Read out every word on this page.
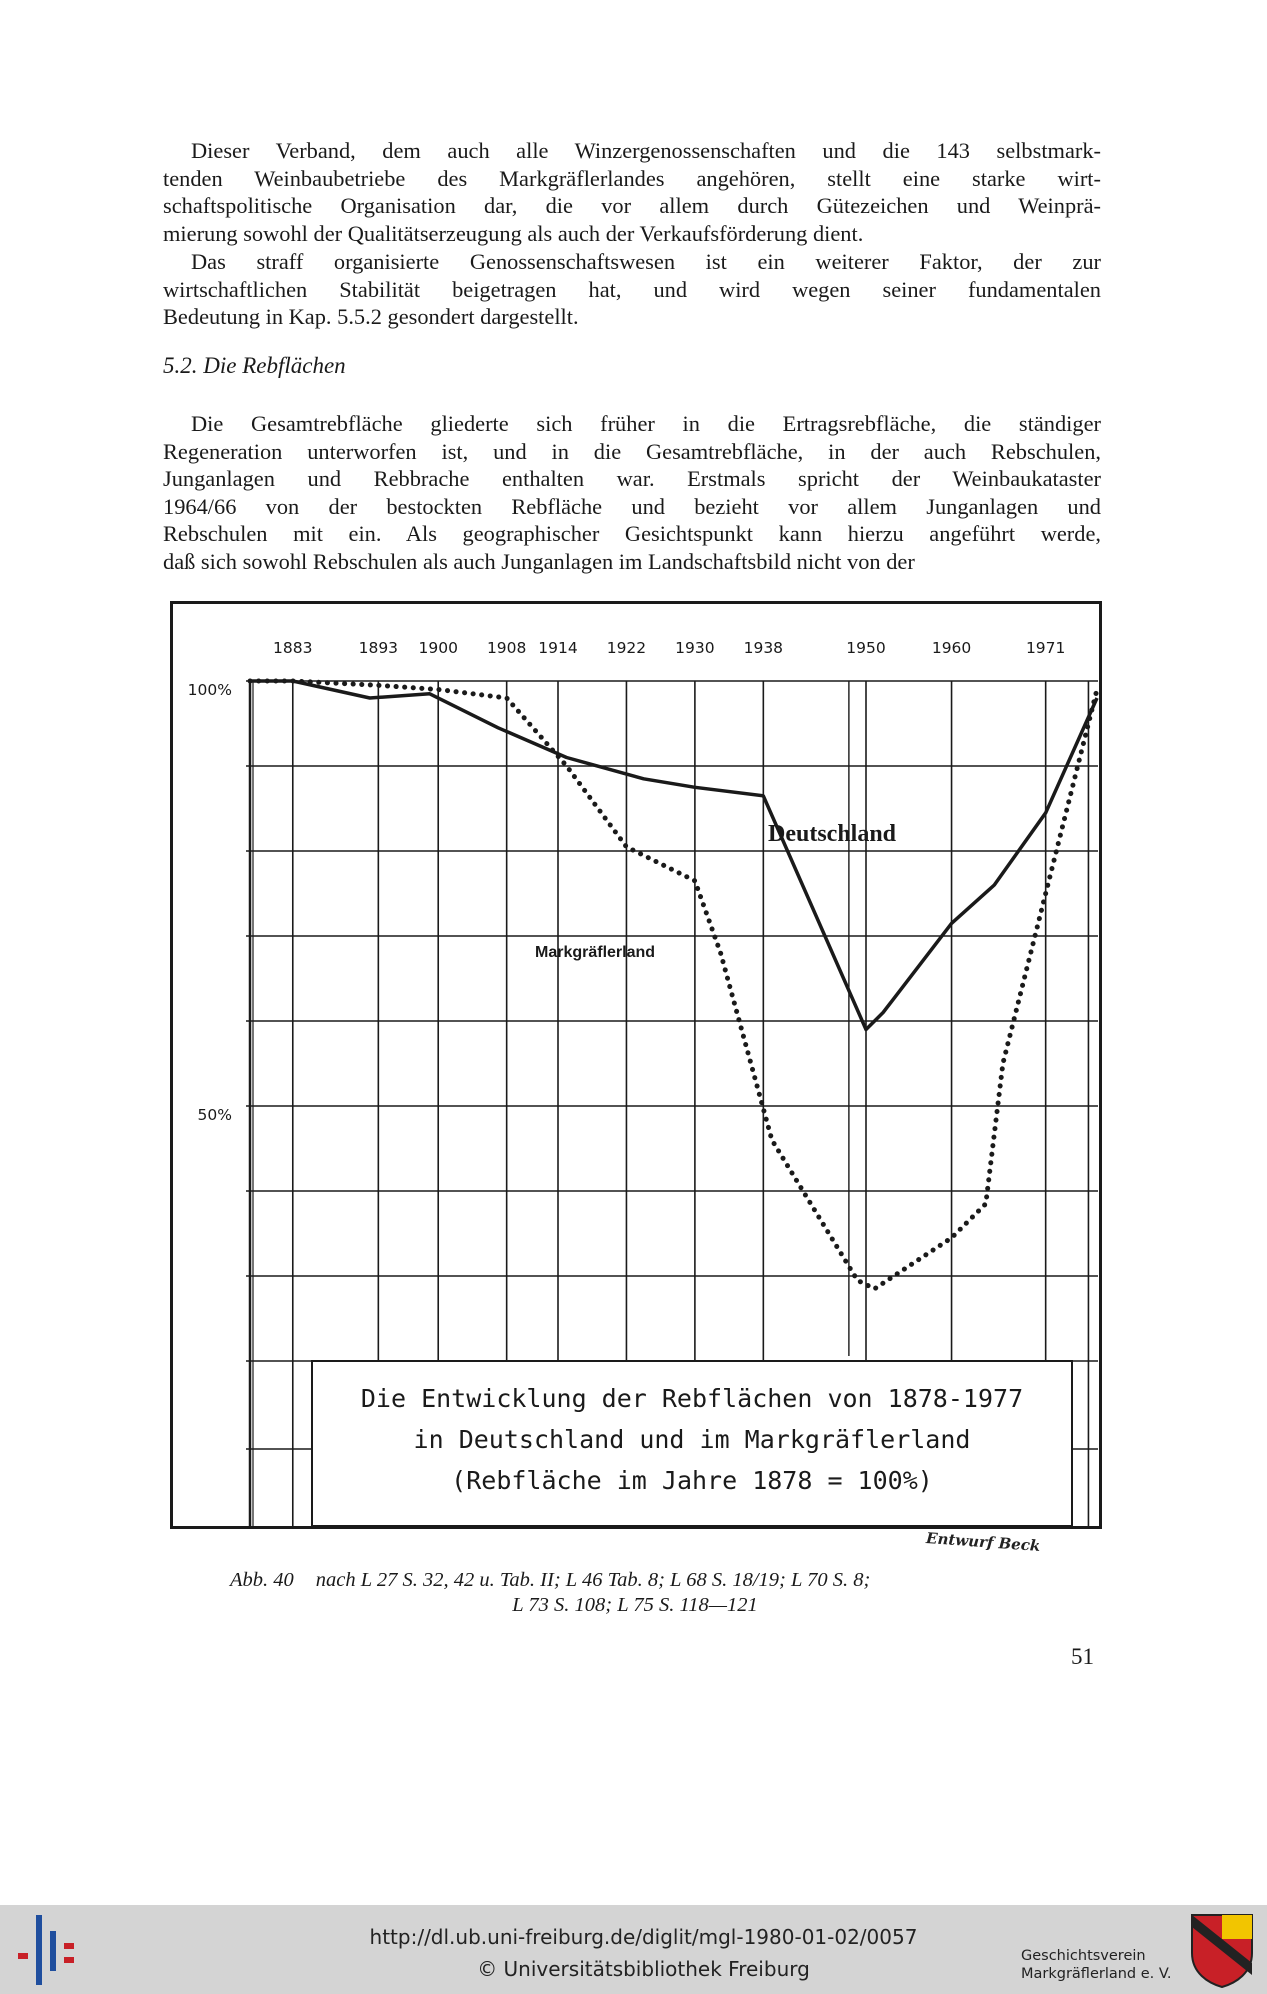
Dieser Verband, dem auch alle Winzergenossenschaften und die 143 selbstmark-
tenden Weinbaubetriebe des Markgräflerlandes angehören, stellt eine starke wirt-
schaftspolitische Organisation dar, die vor allem durch Gütezeichen und Weinprä-
mierung sowohl der Qualitätserzeugung als auch der Verkaufsförderung dient.

Das straff organisierte Genossenschaftswesen ist ein weiterer Faktor, der zur
wirtschaftlichen Stabilität beigetragen hat, und wird wegen seiner fundamentalen
Bedeutung in Kap. 5.5.2 gesondert dargestellt.

5.2. Die Rebflächen

Die Gesamtrebfläche gliederte sich früher in die Ertragsrebfläche, die ständiger
Regeneration unterworfen ist, und in die Gesamtrebfläche, in der auch Rebschulen,
Junganlagen und Rebbrache enthalten war. Erstmals spricht der Weinbaukataster
1964/66 von der bestockten Rebfläche und bezieht vor allem Junganlagen und
Rebschulen mit ein. Als geographischer Gesichtspunkt kann hierzu angeführt werde,
daß sich sowohl Rebschulen als auch Junganlagen im Landschaftsbild nicht von der

Deutschland
Markgräflerland
1883	1893 1900 1908 1914 1922 1930 1938	1950	1960	1971
100%
50%
Die Entwicklung der Rebflächen von 1878-1977
in Deutschland und im Markgräflerland
(Rebfläche im Jahre 1878 = 100%)
Entwurf Beck

Abb. 40 nach L 27 S. 32, 42 u. Tab. II; L 46 Tab. 8; L 68 S. 18/19; L 70 S. 8;
L 73 S. 108; L 75 S. 118—121

51
http://dl.ub.uni-freiburg.de/diglit/mgl-1980-01-02/0057
© Universitätsbibliothek Freiburg
Geschichtsverein
Markgräflerland e. V.
